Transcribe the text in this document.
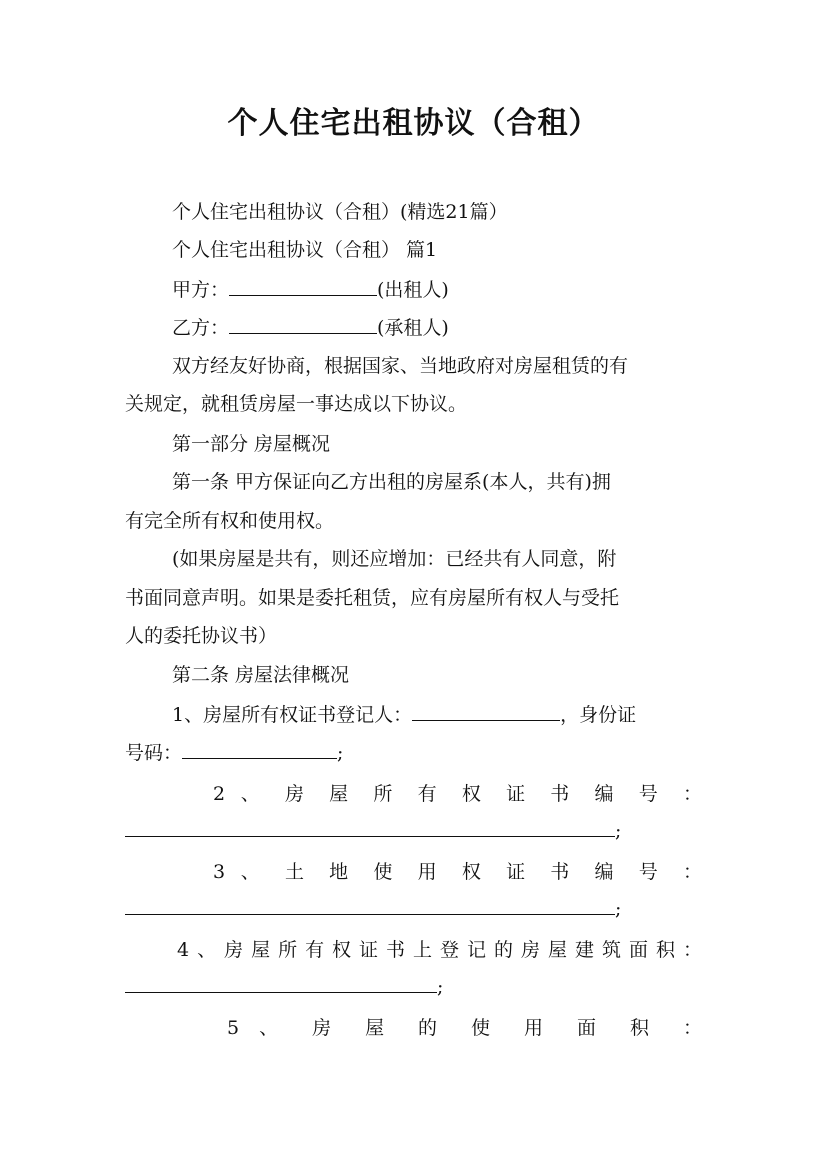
个人住宅出租协议（合租）
个人住宅出租协议（合租）(精选21篇）
个人住宅出租协议（合租） 篇1
甲方：	(出租人)
乙方：	(承租人)
双方经友好协商，根据国家、当地政府对房屋租赁的有
关规定，就租赁房屋一事达成以下协议。
第一部分 房屋概况
第一条 甲方保证向乙方出租的房屋系(本人，共有)拥
有完全所有权和使用权。
(如果房屋是共有，则还应增加：已经共有人同意，附
书面同意声明。如果是委托租赁，应有房屋所有权人与受托
人的委托协议书）
第二条 房屋法律概况
1、房屋所有权证书登记人：	，身份证
号码：	;
2 、 房 屋 所 有 权 证 书 编 号 ：
;
3 、 土 地 使 用 权 证 书 编 号 ：
;
4、房屋所有权证书上登记的房屋建筑面积：
;
5 、 房 屋 的 使 用 面 积 ：
